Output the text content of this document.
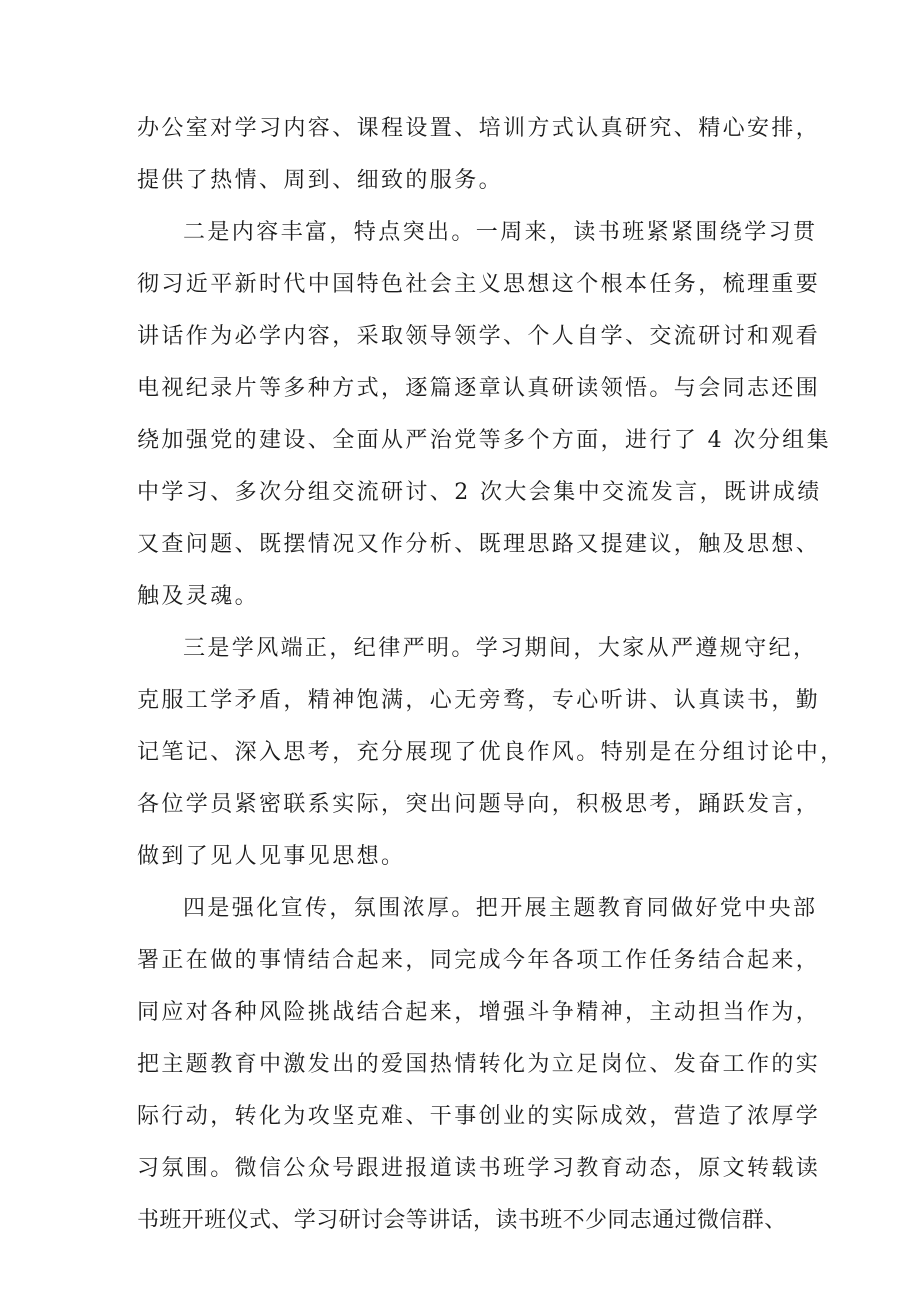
办公室对学习内容、课程设置、培训方式认真研究、精心安排，
提供了热情、周到、细致的服务。
二是内容丰富，特点突出。一周来，读书班紧紧围绕学习贯
彻习近平新时代中国特色社会主义思想这个根本任务，梳理重要
讲话作为必学内容，采取领导领学、个人自学、交流研讨和观看
电视纪录片等多种方式，逐篇逐章认真研读领悟。与会同志还围
绕加强党的建设、全面从严治党等多个方面，进行了 4 次分组集
中学习、多次分组交流研讨、2 次大会集中交流发言，既讲成绩
又查问题、既摆情况又作分析、既理思路又提建议，触及思想、
触及灵魂。
三是学风端正，纪律严明。学习期间，大家从严遵规守纪，
克服工学矛盾，精神饱满，心无旁骛，专心听讲、认真读书，勤
记笔记、深入思考，充分展现了优良作风。特别是在分组讨论中，
各位学员紧密联系实际，突出问题导向，积极思考，踊跃发言，
做到了见人见事见思想。
四是强化宣传，氛围浓厚。把开展主题教育同做好党中央部
署正在做的事情结合起来，同完成今年各项工作任务结合起来，
同应对各种风险挑战结合起来，增强斗争精神，主动担当作为，
把主题教育中激发出的爱国热情转化为立足岗位、发奋工作的实
际行动，转化为攻坚克难、干事创业的实际成效，营造了浓厚学
习氛围。微信公众号跟进报道读书班学习教育动态，原文转载读
书班开班仪式、学习研讨会等讲话，读书班不少同志通过微信群、
